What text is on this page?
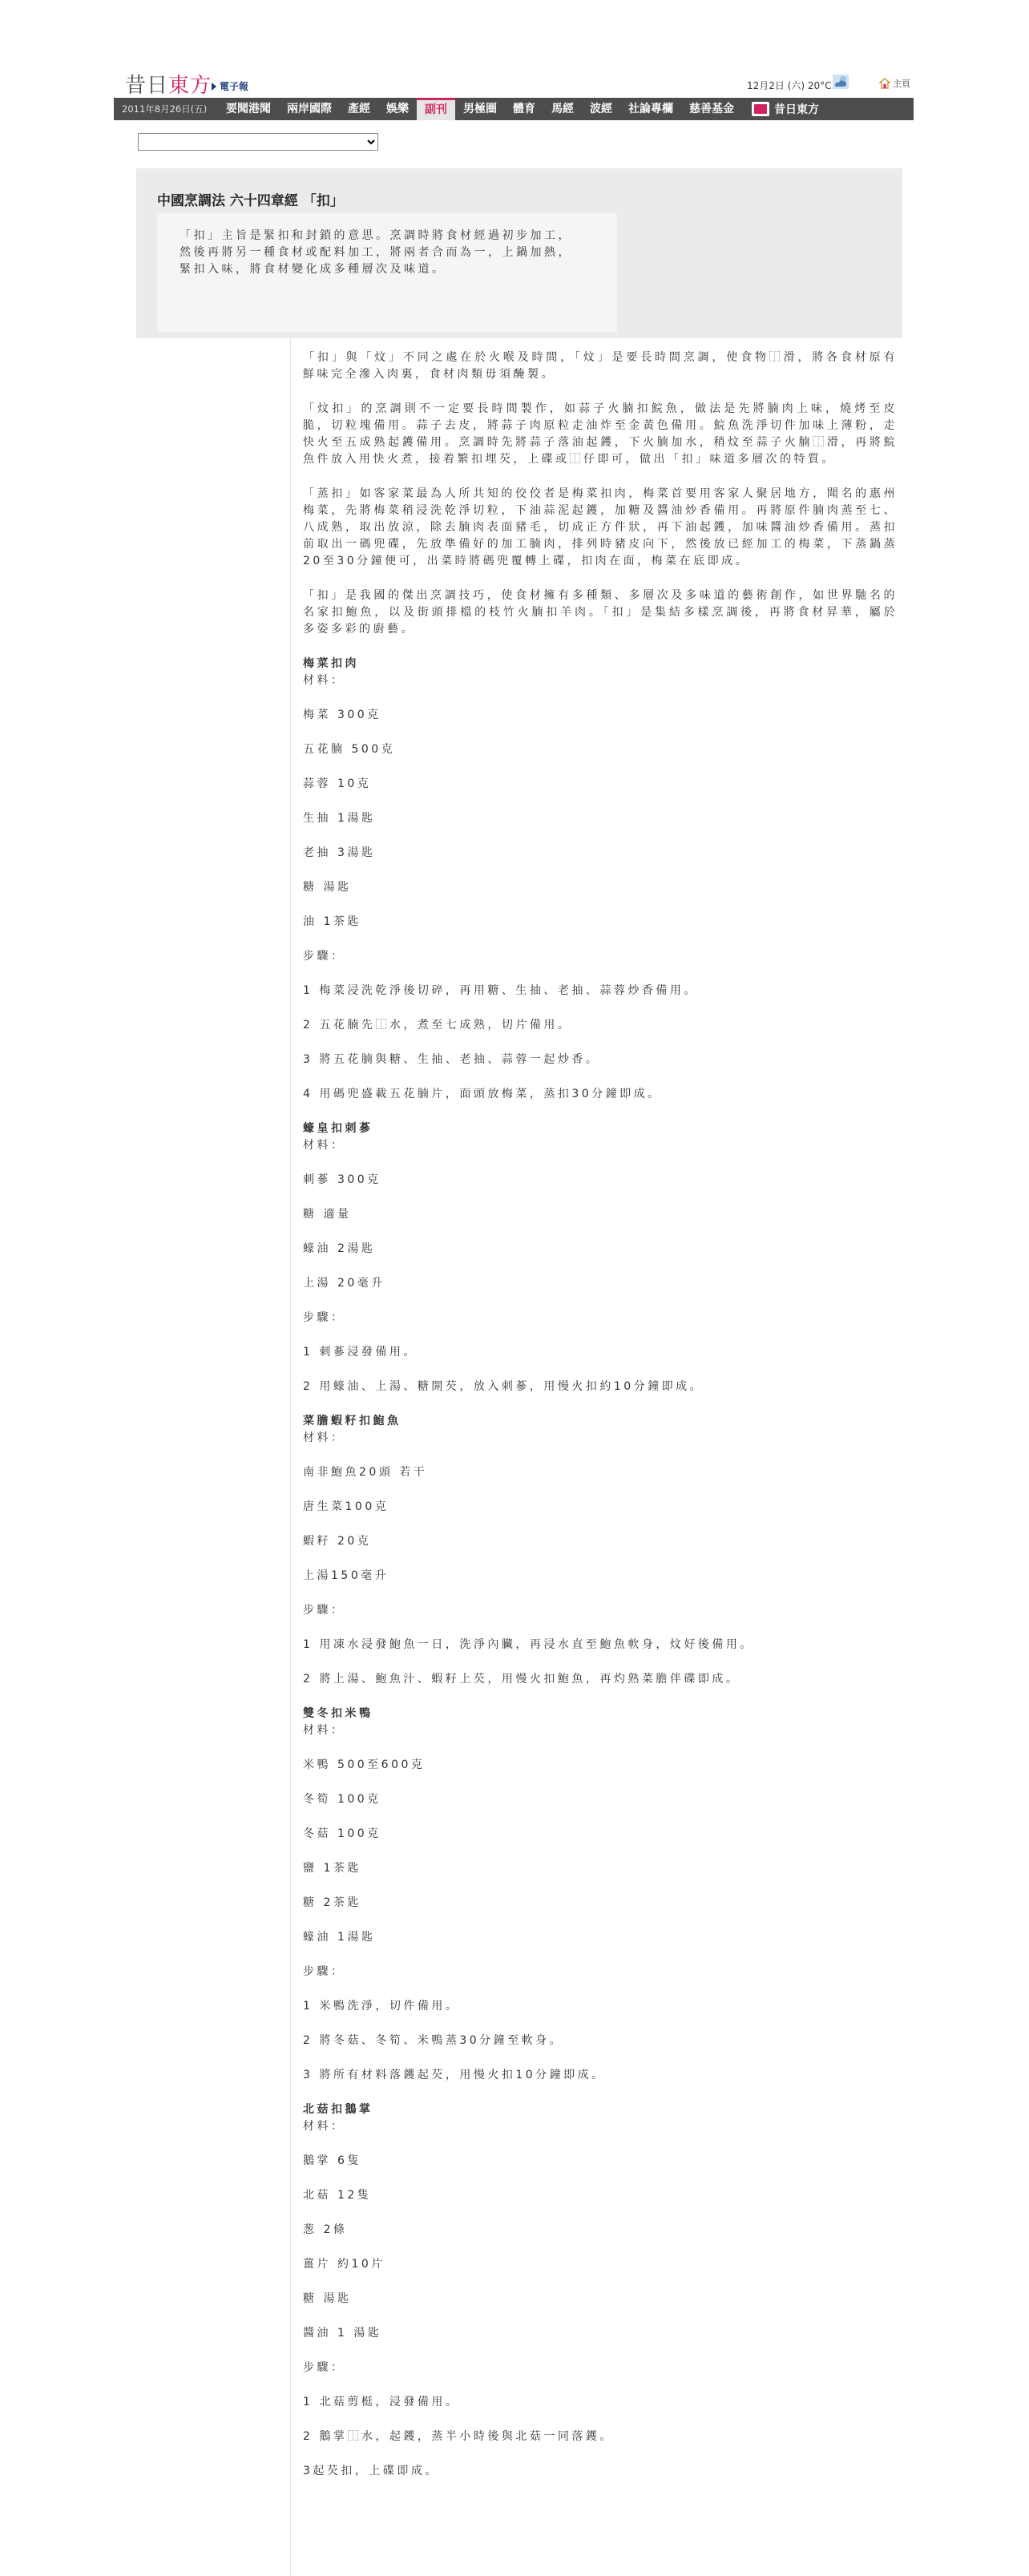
昔日東方 電子報	12月2日 (六) 20°C	主頁
2011年8月26日(五)	要聞港聞	兩岸國際	產經	娛樂	副刊	男極圈	體育	馬經	波經	社論專欄	慈善基金	昔日東方
中國烹調法 六十四章經 「扣」
「扣」主旨是緊扣和封鎖的意思。烹調時將食材經過初步加工，然後再將另一種食材或配料加工，將兩者合而為一，上鍋加熱，緊扣入味，將食材變化成多種層次及味道。

「扣」與「炆」不同之處在於火喉及時間，「炆」是要長時間烹調，使食物⿰滑，將各食材原有鮮味完全滲入肉裏，食材肉類毋須醃製。

「炆扣」的烹調則不一定要長時間製作，如蒜子火腩扣鯇魚，做法是先將腩肉上味，燒烤至皮脆，切粒塊備用。蒜子去皮，將蒜子肉原粒走油炸至金黃色備用。鯇魚洗淨切件加味上薄粉，走快火至五成熟起鑊備用。烹調時先將蒜子落油起鑊，下火腩加水，稍炆至蒜子火腩⿰滑，再將鯇魚件放入用快火煮，接着繁扣埋芡，上碟或⿰仔即可，做出「扣」味道多層次的特質。

「蒸扣」如客家菜最為人所共知的佼佼者是梅菜扣肉，梅菜首要用客家人聚居地方，聞名的惠州梅菜，先將梅菜稍浸洗乾淨切粒，下油蒜泥起鑊，加糖及醬油炒香備用。再將原件腩肉蒸至七、八成熟，取出放涼，除去腩肉表面豬毛，切成正方件狀，再下油起鑊，加味醬油炒香備用。蒸扣前取出一碼兜碟，先放準備好的加工腩肉，排列時豬皮向下，然後放已經加工的梅菜，下蒸鍋蒸20至30分鐘便可，出菜時將碼兜覆轉上碟，扣肉在面，梅菜在底即成。

「扣」是我國的傑出烹調技巧，使食材擁有多種類、多層次及多味道的藝術創作，如世界馳名的名家扣鮑魚，以及街頭排檔的枝竹火腩扣羊肉。「扣」是集結多樣烹調後，再將食材昇華，屬於多姿多彩的廚藝。

梅菜扣肉
材料：
梅菜 300克
五花腩 500克
蒜蓉 10克
生抽 1湯匙
老抽 3湯匙
糖 湯匙
油 1茶匙
步驟：
1 梅菜浸洗乾淨後切碎，再用糖、生抽、老抽、蒜蓉炒香備用。
2 五花腩先⿰水，煮至七成熟，切片備用。
3 將五花腩與糖、生抽、老抽、蒜蓉一起炒香。
4 用碼兜盛載五花腩片，面頭放梅菜，蒸扣30分鐘即成。
蠔皇扣刺蔘
材料：
刺蔘 300克
糖 適量
蠔油 2湯匙
上湯 20毫升
步驟：
1 刺蔘浸發備用。
2 用蠔油、上湯、糖開芡，放入刺蔘，用慢火扣約10分鐘即成。
菜膽蝦籽扣鮑魚
材料：
南非鮑魚20頭 若干
唐生菜100克
蝦籽 20克
上湯150毫升
步驟：
1 用凍水浸發鮑魚一日，洗淨內臟，再浸水直至鮑魚軟身，炆好後備用。
2 將上湯、鮑魚汁、蝦籽上芡，用慢火扣鮑魚，再灼熟菜膽伴碟即成。
雙冬扣米鴨
材料：
米鴨 500至600克
冬筍 100克
冬菇 100克
鹽 1茶匙
糖 2茶匙
蠔油 1湯匙
步驟：
1 米鴨洗淨，切件備用。
2 將冬菇、冬筍、米鴨蒸30分鐘至軟身。
3 將所有材料落鑊起芡，用慢火扣10分鐘即成。
北菇扣鵝掌
材料：
鵝掌 6隻
北菇 12隻
葱 2條
薑片 約10片
糖 湯匙
醬油 1 湯匙
步驟：
1 北菇剪梃，浸發備用。
2 鵝掌⿰水，起鑊，蒸半小時後與北菇一同落鑊。
3起芡扣，上碟即成。
